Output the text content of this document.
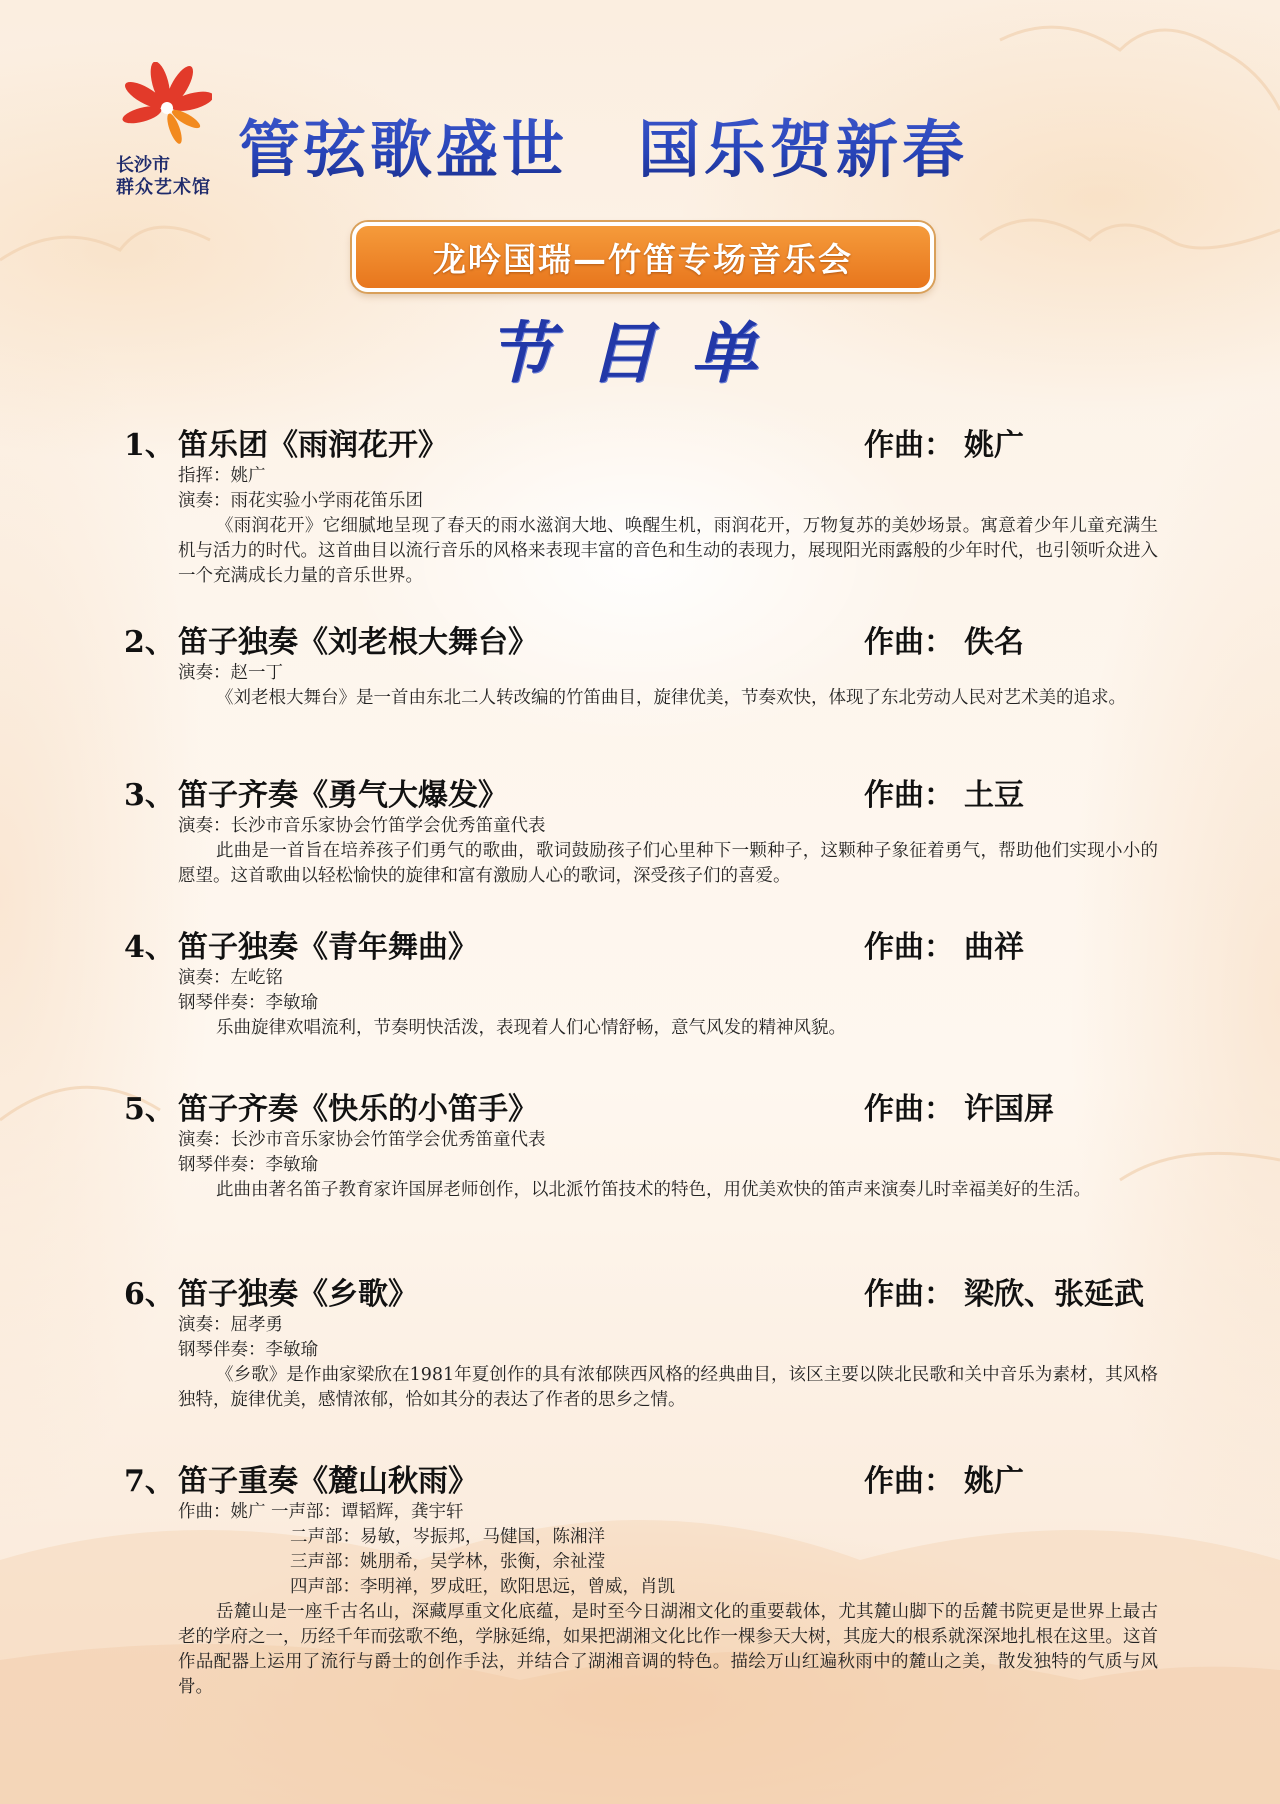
长沙市
群众艺术馆
管弦歌盛世 国乐贺新春
龙吟国瑞—竹笛专场音乐会
节目单
1、 笛乐团《雨润花开》	作曲： 姚广
指挥：姚广
演奏：雨花实验小学雨花笛乐团
《雨润花开》它细腻地呈现了春天的雨水滋润大地、唤醒生机，雨润花开，万物复苏的美妙场景。寓意着少年儿童充满生机与活力的时代。这首曲目以流行音乐的风格来表现丰富的音色和生动的表现力，展现阳光雨露般的少年时代，也引领听众进入一个充满成长力量的音乐世界。
2、 笛子独奏《刘老根大舞台》	作曲： 佚名
演奏：赵一丁
《刘老根大舞台》是一首由东北二人转改编的竹笛曲目，旋律优美，节奏欢快，体现了东北劳动人民对艺术美的追求。
3、 笛子齐奏《勇气大爆发》	作曲： 土豆
演奏：长沙市音乐家协会竹笛学会优秀笛童代表
此曲是一首旨在培养孩子们勇气的歌曲，歌词鼓励孩子们心里种下一颗种子，这颗种子象征着勇气，帮助他们实现小小的愿望。这首歌曲以轻松愉快的旋律和富有激励人心的歌词，深受孩子们的喜爱。
4、 笛子独奏《青年舞曲》	作曲： 曲祥
演奏：左屹铭
钢琴伴奏：李敏瑜
乐曲旋律欢唱流利，节奏明快活泼，表现着人们心情舒畅，意气风发的精神风貌。
5、 笛子齐奏《快乐的小笛手》	作曲： 许国屏
演奏：长沙市音乐家协会竹笛学会优秀笛童代表
钢琴伴奏：李敏瑜
此曲由著名笛子教育家许国屏老师创作，以北派竹笛技术的特色，用优美欢快的笛声来演奏儿时幸福美好的生活。
6、 笛子独奏《乡歌》	作曲： 梁欣、张延武
演奏：屈孝勇
钢琴伴奏：李敏瑜
《乡歌》是作曲家梁欣在1981年夏创作的具有浓郁陕西风格的经典曲目，该区主要以陕北民歌和关中音乐为素材，其风格独特，旋律优美，感情浓郁，恰如其分的表达了作者的思乡之情。
7、 笛子重奏《麓山秋雨》	作曲： 姚广
作曲：姚广 一声部：谭韬辉，龚宇轩
二声部：易敏，岑振邦，马健国，陈湘洋
三声部：姚朋希，吴学林，张衡，余祉滢
四声部：李明禅，罗成旺，欧阳思远，曾威，肖凯
岳麓山是一座千古名山，深藏厚重文化底蕴，是时至今日湖湘文化的重要载体，尤其麓山脚下的岳麓书院更是世界上最古老的学府之一，历经千年而弦歌不绝，学脉延绵，如果把湖湘文化比作一棵参天大树，其庞大的根系就深深地扎根在这里。这首作品配器上运用了流行与爵士的创作手法，并结合了湖湘音调的特色。描绘万山红遍秋雨中的麓山之美，散发独特的气质与风骨。
